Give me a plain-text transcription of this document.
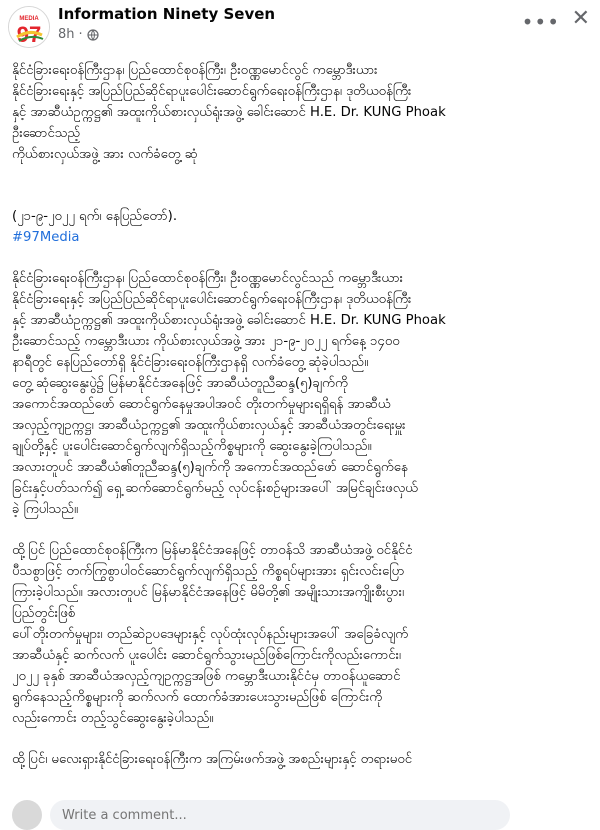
MEDIA
97
Information Ninety Seven
8h ·
••• ✕

နိုင်ငံခြားရေးဝန်ကြီးဌာန၊ ပြည်ထောင်စုဝန်ကြီး၊ ဦးဝဏ္ဏမောင်လွင် ကမ္ဘောဒီးယား
နိုင်ငံခြားရေးနှင့် အပြည်ပြည်ဆိုင်ရာပူးပေါင်းဆောင်ရွက်ရေးဝန်ကြီးဌာန၊ ဒုတိယဝန်ကြီး
နှင့် အာဆီယံဥက္ကဋ္ဌ၏ အထူးကိုယ်စားလှယ်ရုံးအဖွဲ့ ခေါင်းဆောင် H.E. Dr. KUNG Phoak
ဦးဆောင်သည့်
ကိုယ်စားလှယ်အဖွဲ့ အား လက်ခံတွေ့ ဆုံ

(၂၁-၉-၂၀၂၂ ရက်၊ နေပြည်တော်).
#97Media

နိုင်ငံခြားရေးဝန်ကြီးဌာန၊ ပြည်ထောင်စုဝန်ကြီး၊ ဦးဝဏ္ဏမောင်လွင်သည် ကမ္ဘောဒီးယား
နိုင်ငံခြားရေးနှင့် အပြည်ပြည်ဆိုင်ရာပူးပေါင်းဆောင်ရွက်ရေးဝန်ကြီးဌာန၊ ဒုတိယဝန်ကြီး
နှင့် အာဆီယံဥက္ကဋ္ဌ၏ အထူးကိုယ်စားလှယ်ရုံးအဖွဲ့ ခေါင်းဆောင် H.E. Dr. KUNG Phoak
ဦးဆောင်သည့် ကမ္ဘောဒီးယား ကိုယ်စားလှယ်အဖွဲ့ အား ၂၁-၉-၂၀၂၂ ရက်နေ့ ၁၄၀၀
နာရီတွင် နေပြည်တော်ရှိ နိုင်ငံခြားရေးဝန်ကြီးဌာနရှိ လက်ခံတွေ့ ဆုံခဲ့ပါသည်။
တွေ့ ဆုံဆွေးနွေးပွဲ၌ မြန်မာနိုင်ငံအနေဖြင့် အာဆီယံတူညီဆန္ဒ(၅)ချက်ကို
အကောင်အထည်ဖော် ဆောင်ရွက်နေမှုအပါအဝင် တိုးတက်မှုများရရှိရန် အာဆီယံ
အလှည့်ကျဥက္ကဋ္ဌ၊ အာဆီယံဥက္ကဋ္ဌ၏ အထူးကိုယ်စားလှယ်နှင့် အာဆီယံအတွင်းရေးမှူး
ချုပ်တို့နှင့် ပူးပေါင်းဆောင်ရွက်လျက်ရှိသည့်ကိစ္စများကို ဆွေးနွေးခဲ့ကြပါသည်။
အလားတူပင် အာဆီယံ၏တူညီဆန္ဒ(၅)ချက်ကို အကောင်အထည်ဖော် ဆောင်ရွက်နေ
ခြင်းနှင့်ပတ်သက်၍ ရှေ့ ဆက်ဆောင်ရွက်မည့် လုပ်ငန်းစဉ်များအပေါ် အမြင်ချင်းဖလှယ်
ခဲ့ ကြပါသည်။

ထို့ပြင် ပြည်ထောင်စုဝန်ကြီးက မြန်မာနိုင်ငံအနေဖြင့် တာဝန်သိ အာဆီယံအဖွဲ့ ဝင်နိုင်ငံ
ပီသစွာဖြင့် တက်ကြွစွာပါဝင်ဆောင်ရွက်လျက်ရှိသည့် ကိစ္စရပ်များအား ရှင်းလင်းပြော
ကြားခဲ့ပါသည်။ အလားတူပင် မြန်မာနိုင်ငံအနေဖြင့် မိမိတို့၏ အမျိုးသားအကျိုးစီးပွား၊
ပြည်တွင်းဖြစ်
ပေါ်တိုးတက်မှုများ၊ တည်ဆဲဥပဒေများနှင့် လုပ်ထုံးလုပ်နည်းများအပေါ် အခြေခံလျက်
အာဆီယံနှင့် ဆက်လက် ပူးပေါင်း ဆောင်ရွက်သွားမည်ဖြစ်ကြောင်းကိုလည်းကောင်း၊
၂၀၂၂ ခုနှစ် အာဆီယံအလှည့်ကျဥက္ကဋ္ဌအဖြစ် ကမ္ဘောဒီးယားနိုင်ငံမှ တာဝန်ယူဆောင်
ရွက်နေသည့်ကိစ္စများကို ဆက်လက် ထောက်ခံအားပေးသွားမည်ဖြစ် ကြောင်းကို
လည်းကောင်း တည့်သွင်ဆွေးနွေးခဲ့ပါသည်။

ထို့ပြင်၊ မလေးရှားနိုင်ငံခြားရေးဝန်ကြီးက အကြမ်းဖက်အဖွဲ့ အစည်းများနှင့် တရားမဝင်

Write a comment...
